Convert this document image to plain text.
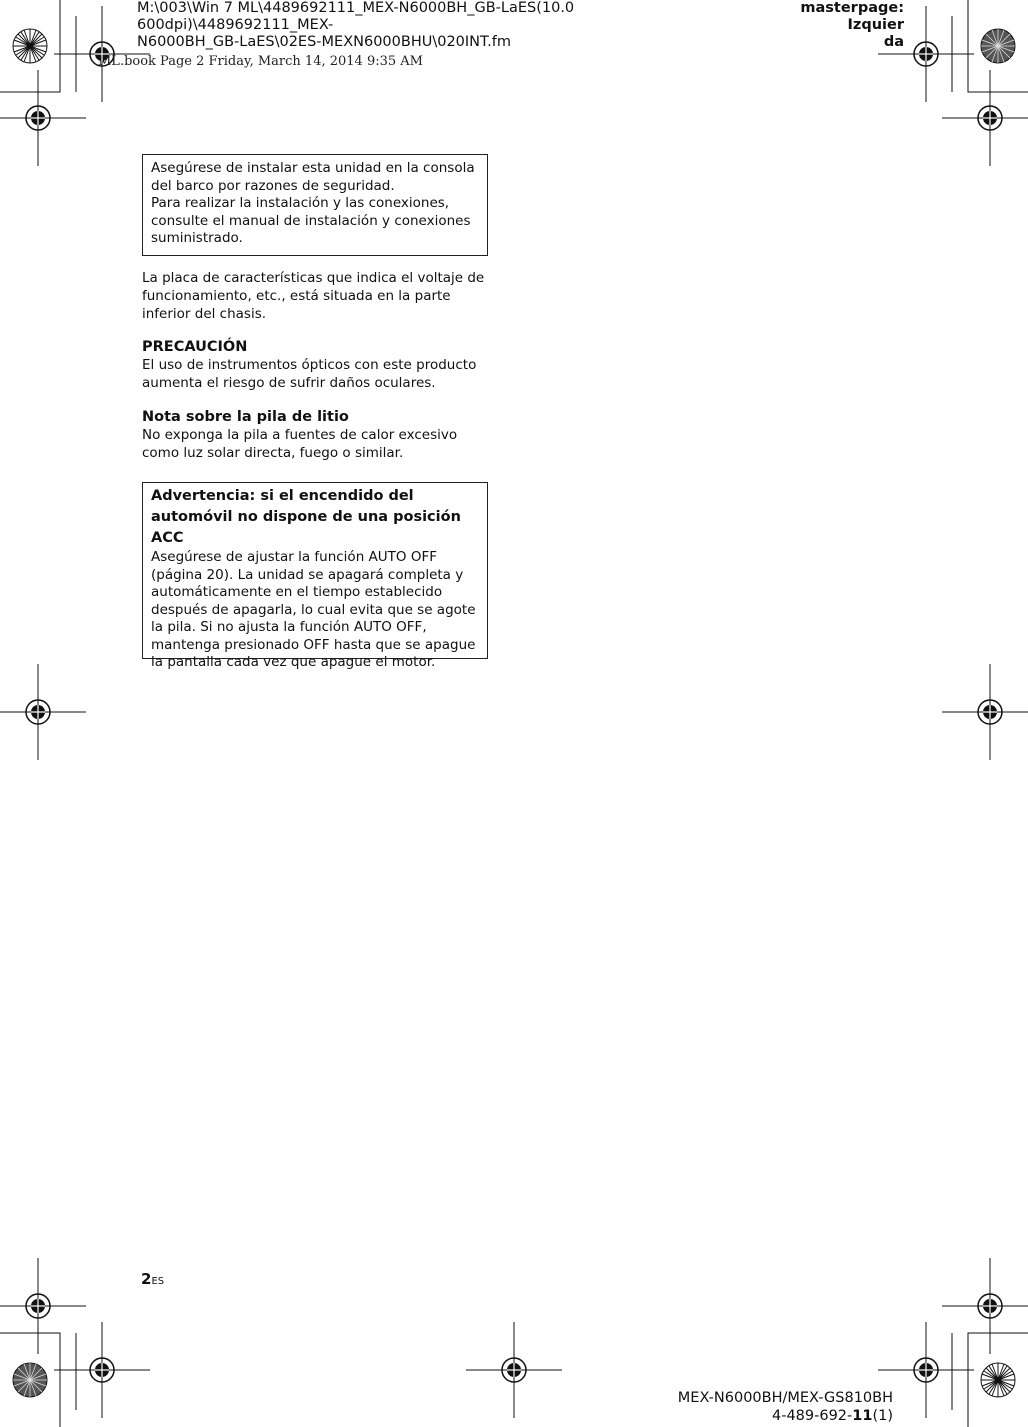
M:\003\Win 7 ML\4489692111_MEX-N6000BH_GB-LaES(10.0 600dpi)\4489692111_MEX-
N6000BH_GB-LaES\02ES-MEXN6000BHU\020INT.fm
masterpage: Izquier
da
ML.book Page 2 Friday, March 14, 2014 9:35 AM

Asegúrese de instalar esta unidad en la consola del barco por razones de seguridad.

Para realizar la instalación y las conexiones, consulte el manual de instalación y conexiones suministrado.

La placa de características que indica el voltaje de funcionamiento, etc., está situada en la parte inferior del chasis.

PRECAUCIÓN

El uso de instrumentos ópticos con este producto aumenta el riesgo de sufrir daños oculares.

Nota sobre la pila de litio

No exponga la pila a fuentes de calor excesivo como luz solar directa, fuego o similar.

Advertencia: si el encendido del automóvil no dispone de una posición ACC

Asegúrese de ajustar la función AUTO OFF (página 20). La unidad se apagará completa y automáticamente en el tiempo establecido después de apagarla, lo cual evita que se agote la pila. Si no ajusta la función AUTO OFF, mantenga presionado OFF hasta que se apague la pantalla cada vez que apague el motor.

2ES
MEX-N6000BH/MEX-GS810BH
4-489-692-11(1)
